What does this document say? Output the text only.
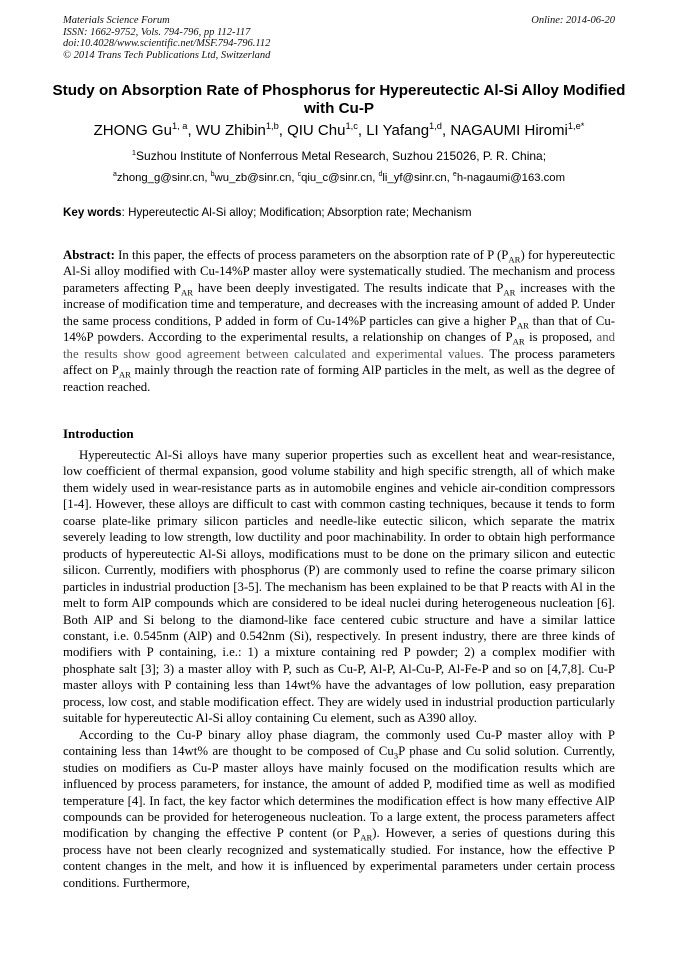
Materials Science Forum
ISSN: 1662-9752, Vols. 794-796, pp 112-117
doi:10.4028/www.scientific.net/MSF.794-796.112
© 2014 Trans Tech Publications Ltd, Switzerland
Online: 2014-06-20
Study on Absorption Rate of Phosphorus for Hypereutectic Al-Si Alloy Modified with Cu-P
ZHONG Gu$^{1, a}$, WU Zhibin$^{1,b}$, QIU Chu$^{1,c}$, LI Yafang$^{1,d}$, NAGAUMI Hiromi$^{1,e*}$
$^1$Suzhou Institute of Nonferrous Metal Research, Suzhou 215026, P. R. China;
$^a$zhong_g@sinr.cn, $^b$wu_zb@sinr.cn, $^c$qiu_c@sinr.cn, $^d$li_yf@sinr.cn, $^e$h-nagaumi@163.com
Key words: Hypereutectic Al-Si alloy; Modification; Absorption rate; Mechanism
Abstract: In this paper, the effects of process parameters on the absorption rate of P $(P_{AR})$ for hypereutectic Al-Si alloy modified with Cu-14%P master alloy were systematically studied. The mechanism and process parameters affecting $P_{AR}$ have been deeply investigated. The results indicate that $P_{AR}$ increases with the increase of modification time and temperature, and decreases with the increasing amount of added P. Under the same process conditions, P added in form of Cu-14%P particles can give a higher $P_{AR}$ than that of Cu-14%P powders. According to the experimental results, a relationship on changes of $P_{AR}$ is proposed, and the results show good agreement between calculated and experimental values. The process parameters affect on $P_{AR}$ mainly through the reaction rate of forming AlP particles in the melt, as well as the degree of reaction reached.
Introduction

Hypereutectic Al-Si alloys have many superior properties such as excellent heat and wear-resistance, low coefficient of thermal expansion, good volume stability and high specific strength, all of which make them widely used in wear-resistance parts as in automobile engines and vehicle air-condition compressors [1-4]. However, these alloys are difficult to cast with common casting techniques, because it tends to form coarse plate-like primary silicon particles and needle-like eutectic silicon, which separate the matrix severely leading to low strength, low ductility and poor machinability. In order to obtain high performance products of hypereutectic Al-Si alloys, modifications must to be done on the primary silicon and eutectic silicon. Currently, modifiers with phosphorus (P) are commonly used to refine the coarse primary silicon particles in industrial production [3-5]. The mechanism has been explained to be that P reacts with Al in the melt to form AlP compounds which are considered to be ideal nuclei during heterogeneous nucleation [6]. Both AlP and Si belong to the diamond-like face centered cubic structure and have a similar lattice constant, i.e. 0.545nm (AlP) and 0.542nm (Si), respectively. In present industry, there are three kinds of modifiers with P containing, i.e.: 1) a mixture containing red P powder; 2) a complex modifier with phosphate salt [3]; 3) a master alloy with P, such as Cu-P, Al-P, Al-Cu-P, Al-Fe-P and so on [4,7,8]. Cu-P master alloys with P containing less than 14wt% have the advantages of low pollution, easy preparation process, low cost, and stable modification effect. They are widely used in industrial production particularly suitable for hypereutectic Al-Si alloy containing Cu element, such as A390 alloy.

According to the Cu-P binary alloy phase diagram, the commonly used Cu-P master alloy with P containing less than 14wt% are thought to be composed of $Cu_3P$ phase and Cu solid solution. Currently, studies on modifiers as Cu-P master alloys have mainly focused on the modification results which are influenced by process parameters, for instance, the amount of added P, modified time as well as modified temperature [4]. In fact, the key factor which determines the modification effect is how many effective AlP compounds can be provided for heterogeneous nucleation. To a large extent, the process parameters affect modification by changing the effective P content (or $P_{AR}$). However, a series of questions during this process have not been clearly recognized and systematically studied. For instance, how the effective P content changes in the melt, and how it is influenced by experimental parameters under certain process conditions. Furthermore,
